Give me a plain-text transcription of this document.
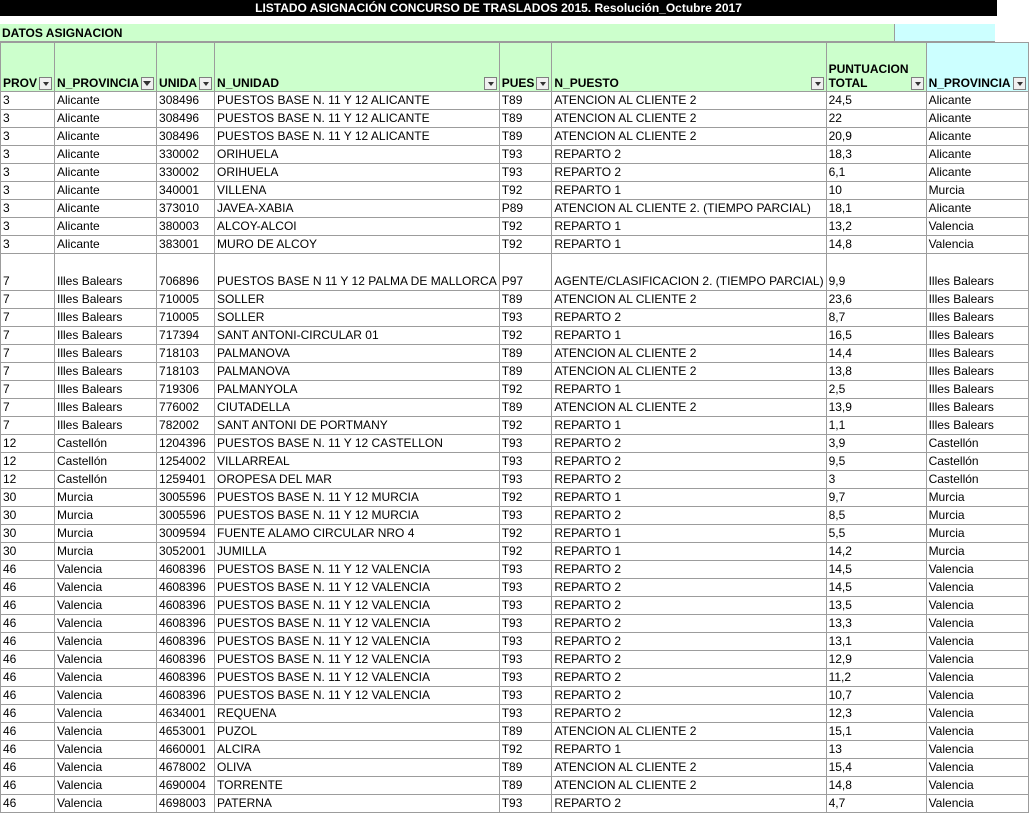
LISTADO ASIGNACIÓN CONCURSO DE TRASLADOS 2015. Resolución_Octubre 2017
DATOS ASIGNACION
PROV	N_PROVINCIA	UNIDA	N_UNIDAD	PUES	N_PUESTO	PUNTUACION TOTAL	N_PROVINCIA

3	Alicante	308496	PUESTOS BASE N. 11 Y 12 ALICANTE	T89	ATENCION AL CLIENTE 2	24,5	Alicante
3	Alicante	308496	PUESTOS BASE N. 11 Y 12 ALICANTE	T89	ATENCION AL CLIENTE 2	22	Alicante
3	Alicante	308496	PUESTOS BASE N. 11 Y 12 ALICANTE	T89	ATENCION AL CLIENTE 2	20,9	Alicante
3	Alicante	330002	ORIHUELA	T93	REPARTO 2	18,3	Alicante
3	Alicante	330002	ORIHUELA	T93	REPARTO 2	6,1	Alicante
3	Alicante	340001	VILLENA	T92	REPARTO 1	10	Murcia
3	Alicante	373010	JAVEA-XABIA	P89	ATENCION AL CLIENTE 2. (TIEMPO PARCIAL)	18,1	Alicante
3	Alicante	380003	ALCOY-ALCOI	T92	REPARTO 1	13,2	Valencia
3	Alicante	383001	MURO DE ALCOY	T92	REPARTO 1	14,8	Valencia
7	Illes Balears	706896	PUESTOS BASE N 11 Y 12 PALMA DE MALLORCA	P97	AGENTE/CLASIFICACION 2. (TIEMPO PARCIAL)	9,9	Illes Balears
7	Illes Balears	710005	SOLLER	T89	ATENCION AL CLIENTE 2	23,6	Illes Balears
7	Illes Balears	710005	SOLLER	T93	REPARTO 2	8,7	Illes Balears
7	Illes Balears	717394	SANT ANTONI-CIRCULAR 01	T92	REPARTO 1	16,5	Illes Balears
7	Illes Balears	718103	PALMANOVA	T89	ATENCION AL CLIENTE 2	14,4	Illes Balears
7	Illes Balears	718103	PALMANOVA	T89	ATENCION AL CLIENTE 2	13,8	Illes Balears
7	Illes Balears	719306	PALMANYOLA	T92	REPARTO 1	2,5	Illes Balears
7	Illes Balears	776002	CIUTADELLA	T89	ATENCION AL CLIENTE 2	13,9	Illes Balears
7	Illes Balears	782002	SANT ANTONI DE PORTMANY	T92	REPARTO 1	1,1	Illes Balears
12	Castellón	1204396	PUESTOS BASE N. 11 Y 12 CASTELLON	T93	REPARTO 2	3,9	Castellón
12	Castellón	1254002	VILLARREAL	T93	REPARTO 2	9,5	Castellón
12	Castellón	1259401	OROPESA DEL MAR	T93	REPARTO 2	3	Castellón
30	Murcia	3005596	PUESTOS BASE N. 11 Y 12 MURCIA	T92	REPARTO 1	9,7	Murcia
30	Murcia	3005596	PUESTOS BASE N. 11 Y 12 MURCIA	T93	REPARTO 2	8,5	Murcia
30	Murcia	3009594	FUENTE ALAMO CIRCULAR NRO 4	T92	REPARTO 1	5,5	Murcia
30	Murcia	3052001	JUMILLA	T92	REPARTO 1	14,2	Murcia
46	Valencia	4608396	PUESTOS BASE N. 11 Y 12 VALENCIA	T93	REPARTO 2	14,5	Valencia
46	Valencia	4608396	PUESTOS BASE N. 11 Y 12 VALENCIA	T93	REPARTO 2	14,5	Valencia
46	Valencia	4608396	PUESTOS BASE N. 11 Y 12 VALENCIA	T93	REPARTO 2	13,5	Valencia
46	Valencia	4608396	PUESTOS BASE N. 11 Y 12 VALENCIA	T93	REPARTO 2	13,3	Valencia
46	Valencia	4608396	PUESTOS BASE N. 11 Y 12 VALENCIA	T93	REPARTO 2	13,1	Valencia
46	Valencia	4608396	PUESTOS BASE N. 11 Y 12 VALENCIA	T93	REPARTO 2	12,9	Valencia
46	Valencia	4608396	PUESTOS BASE N. 11 Y 12 VALENCIA	T93	REPARTO 2	11,2	Valencia
46	Valencia	4608396	PUESTOS BASE N. 11 Y 12 VALENCIA	T93	REPARTO 2	10,7	Valencia
46	Valencia	4634001	REQUENA	T93	REPARTO 2	12,3	Valencia
46	Valencia	4653001	PUZOL	T89	ATENCION AL CLIENTE 2	15,1	Valencia
46	Valencia	4660001	ALCIRA	T92	REPARTO 1	13	Valencia
46	Valencia	4678002	OLIVA	T89	ATENCION AL CLIENTE 2	15,4	Valencia
46	Valencia	4690004	TORRENTE	T89	ATENCION AL CLIENTE 2	14,8	Valencia
46	Valencia	4698003	PATERNA	T93	REPARTO 2	4,7	Valencia
